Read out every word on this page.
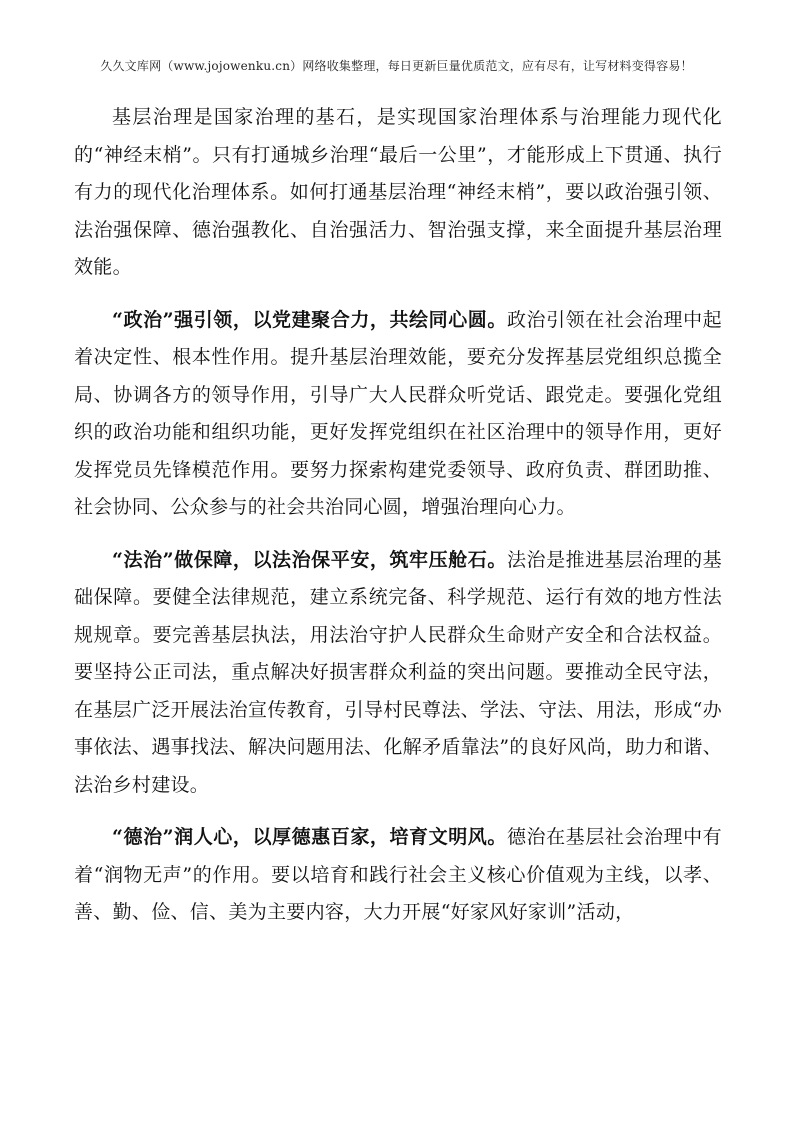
久久文库网（www.jojowenku.cn）网络收集整理，每日更新巨量优质范文，应有尽有，让写材料变得容易！

基层治理是国家治理的基石，是实现国家治理体系与治理能力现代化的“神经末梢”。只有打通城乡治理“最后一公里”，才能形成上下贯通、执行有力的现代化治理体系。如何打通基层治理“神经末梢”，要以政治强引领、法治强保障、德治强教化、自治强活力、智治强支撑，来全面提升基层治理效能。

“政治”强引领，以党建聚合力，共绘同心圆。政治引领在社会治理中起着决定性、根本性作用。提升基层治理效能，要充分发挥基层党组织总揽全局、协调各方的领导作用，引导广大人民群众听党话、跟党走。要强化党组织的政治功能和组织功能，更好发挥党组织在社区治理中的领导作用，更好发挥党员先锋模范作用。要努力探索构建党委领导、政府负责、群团助推、社会协同、公众参与的社会共治同心圆，增强治理向心力。

“法治”做保障，以法治保平安，筑牢压舱石。法治是推进基层治理的基础保障。要健全法律规范，建立系统完备、科学规范、运行有效的地方性法规规章。要完善基层执法，用法治守护人民群众生命财产安全和合法权益。要坚持公正司法，重点解决好损害群众利益的突出问题。要推动全民守法，在基层广泛开展法治宣传教育，引导村民尊法、学法、守法、用法，形成“办事依法、遇事找法、解决问题用法、化解矛盾靠法”的良好风尚，助力和谐、法治乡村建设。

“德治”润人心，以厚德惠百家，培育文明风。德治在基层社会治理中有着“润物无声”的作用。要以培育和践行社会主义核心价值观为主线，以孝、善、勤、俭、信、美为主要内容，大力开展“好家风好家训”活动，
